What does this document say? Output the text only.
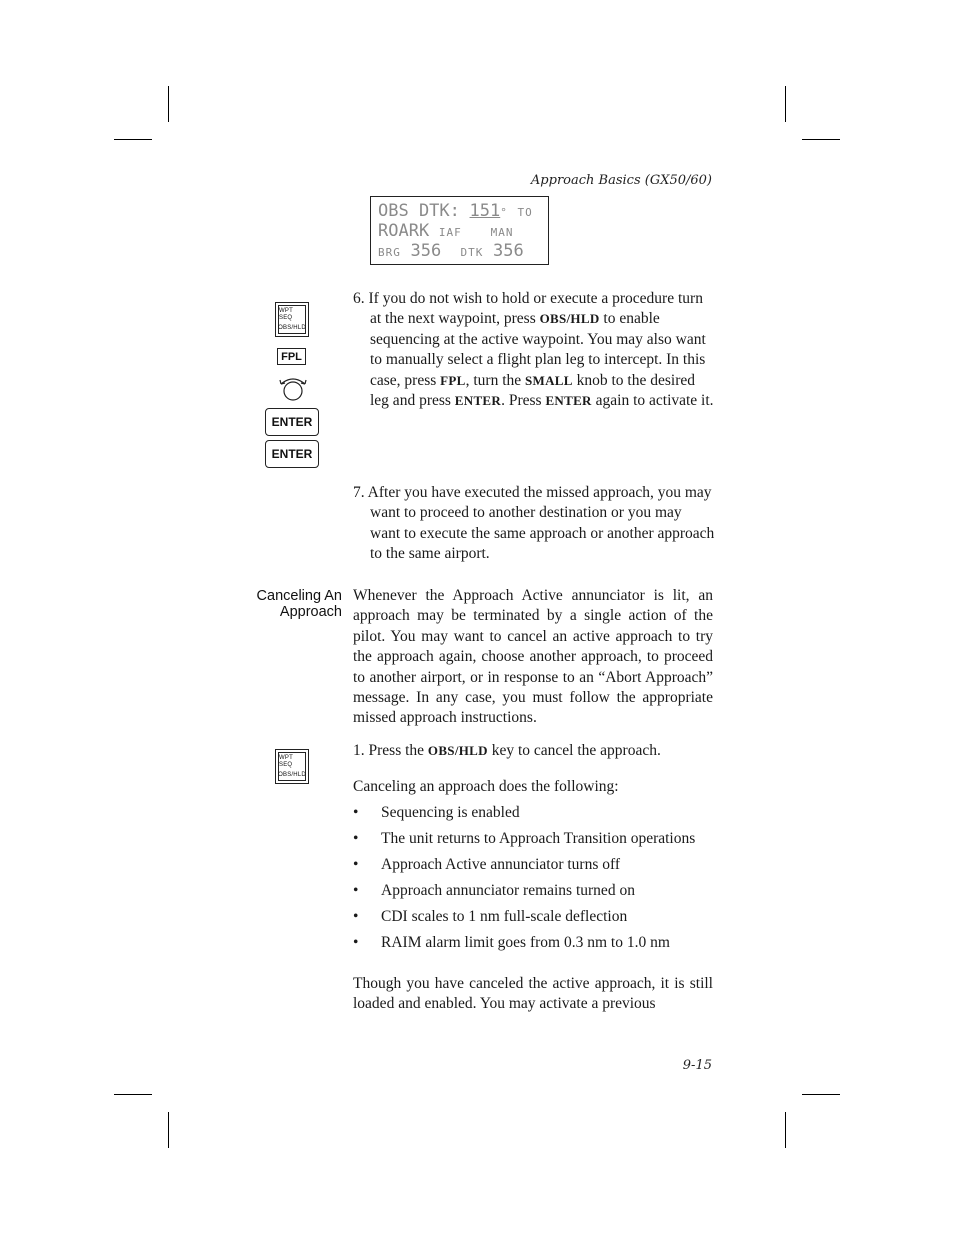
Approach Basics (GX50/60)
OBS DTK: 151° TO
ROARK IAF	MAN
BRG 356 DTK 356
WPT SEQ
OBS/HLD
FPL
ENTER
ENTER

6. If you do not wish to hold or execute a procedure turn at the next waypoint, press OBS/HLD to enable sequencing at the active waypoint. You may also want to manually select a flight plan leg to intercept. In this case, press FPL, turn the SMALL knob to the desired leg and press ENTER. Press ENTER again to activate it.

7. After you have executed the missed approach, you may want to proceed to another destination or you may want to execute the same approach or another approach to the same airport.

Canceling An
Approach
Whenever the Approach Active annunciator is lit, an approach may be terminated by a single action of the pilot. You may want to cancel an active approach to try the approach again, choose another approach, to proceed to another airport, or in response to an “Abort Approach” message. In any case, you must follow the appropriate missed approach instructions.
WPT SEQ
OBS/HLD
1. Press the OBS/HLD key to cancel the approach.
Canceling an approach does the following:
• Sequencing is enabled
• The unit returns to Approach Transition operations
• Approach Active annunciator turns off
• Approach annunciator remains turned on
• CDI scales to 1 nm full-scale deflection
• RAIM alarm limit goes from 0.3 nm to 1.0 nm
Though you have canceled the active approach, it is still loaded and enabled. You may activate a previous
9-15
